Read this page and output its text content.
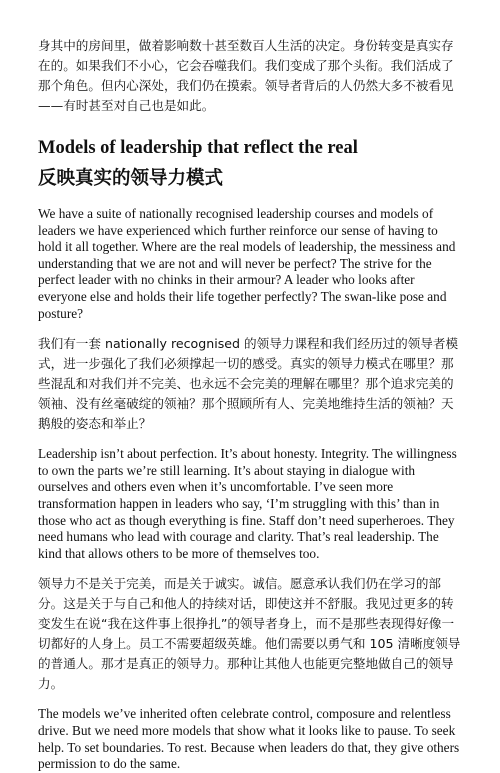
身其中的房间里，做着影响数十甚至数百人生活的决定。身份转变是真实存在的。如果我们不小心，它会吞噬我们。我们变成了那个头衔。我们活成了那个角色。但内心深处，我们仍在摸索。领导者背后的人仍然大多不被看见——有时甚至对自己也是如此。

Models of leadership that reflect the real
反映真实的领导力模式

We have a suite of nationally recognised leadership courses and models of leaders we have experienced which further reinforce our sense of having to hold it all together. Where are the real models of leadership, the messiness and understanding that we are not and will never be perfect? The strive for the perfect leader with no chinks in their armour? A leader who looks after everyone else and holds their life together perfectly? The swan-like pose and posture?

我们有一套 nationally recognised 的领导力课程和我们经历过的领导者模式，进一步强化了我们必须撑起一切的感受。真实的领导力模式在哪里？那些混乱和对我们并不完美、也永远不会完美的理解在哪里？那个追求完美的领袖、没有丝毫破绽的领袖？那个照顾所有人、完美地维持生活的领袖？天鹅般的姿态和举止？

Leadership isn’t about perfection. It’s about honesty. Integrity. The willingness to own the parts we’re still learning. It’s about staying in dialogue with ourselves and others even when it’s uncomfortable. I’ve seen more transformation happen in leaders who say, ‘I’m struggling with this’ than in those who act as though everything is fine. Staff don’t need superheroes. They need humans who lead with courage and clarity. That’s real leadership. The kind that allows others to be more of themselves too.

领导力不是关于完美，而是关于诚实。诚信。愿意承认我们仍在学习的部分。这是关于与自己和他人的持续对话，即使这并不舒服。我见过更多的转变发生在说“我在这件事上很挣扎”的领导者身上，而不是那些表现得好像一切都好的人身上。员工不需要超级英雄。他们需要以勇气和 105 清晰度领导的普通人。那才是真正的领导力。那种让其他人也能更完整地做自己的领导力。

The models we’ve inherited often celebrate control, composure and relentless drive. But we need more models that show what it looks like to pause. To seek help. To set boundaries. To rest. Because when leaders do that, they give others permission to do the same.
